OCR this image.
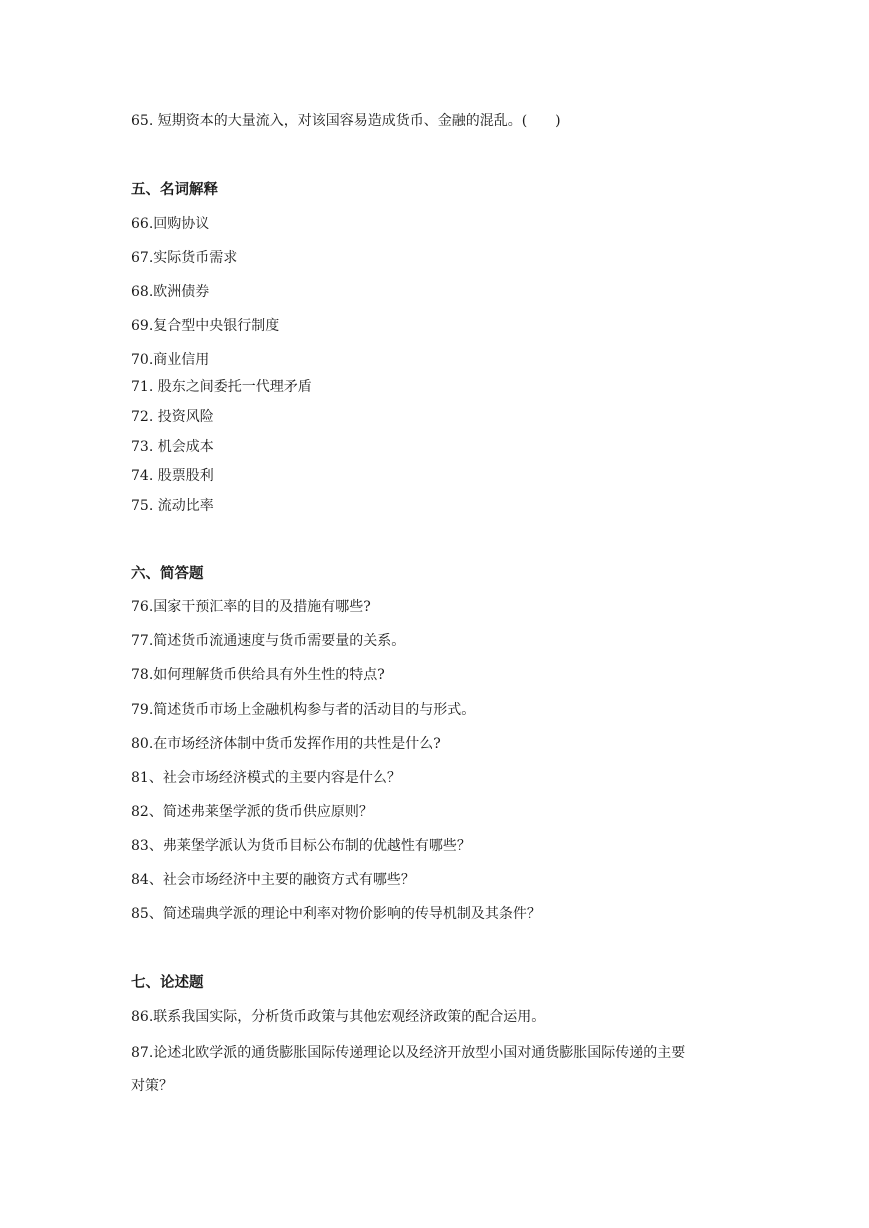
65. 短期资本的大量流入，对该国容易造成货币、金融的混乱。(　　)
五、名词解释
66.回购协议
67.实际货币需求
68.欧洲债券
69.复合型中央银行制度
70.商业信用
71. 股东之间委托一代理矛盾
72. 投资风险
73. 机会成本
74. 股票股利
75. 流动比率
六、简答题
76.国家干预汇率的目的及措施有哪些?
77.简述货币流通速度与货币需要量的关系。
78.如何理解货币供给具有外生性的特点?
79.简述货币市场上金融机构参与者的活动目的与形式。
80.在市场经济体制中货币发挥作用的共性是什么?
81、社会市场经济模式的主要内容是什么？
82、简述弗莱堡学派的货币供应原则？
83、弗莱堡学派认为货币目标公布制的优越性有哪些？
84、社会市场经济中主要的融资方式有哪些？
85、简述瑞典学派的理论中利率对物价影响的传导机制及其条件？
七、论述题
86.联系我国实际，分析货币政策与其他宏观经济政策的配合运用。
87.论述北欧学派的通货膨胀国际传递理论以及经济开放型小国对通货膨胀国际传递的主要
对策？
